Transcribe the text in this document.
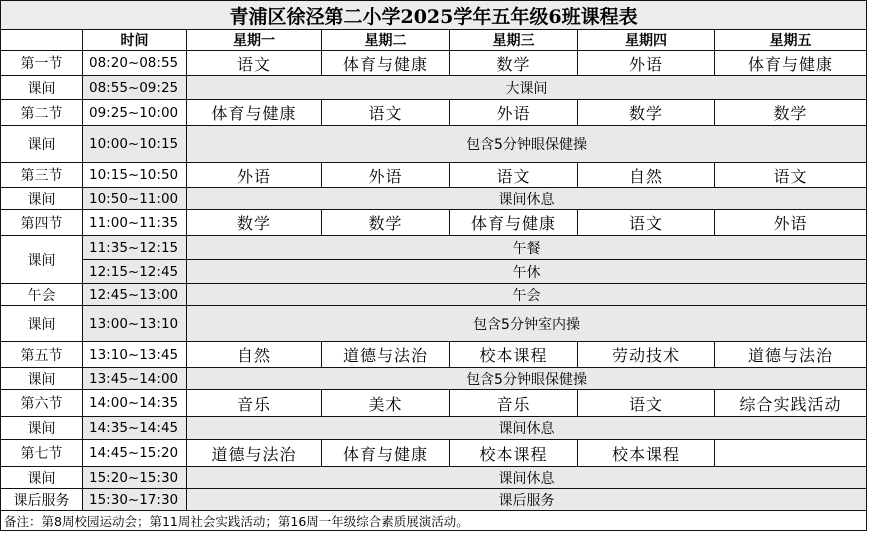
青浦区徐泾第二小学2025学年五年级6班课程表						
	时间	星期一	星期二	星期三	星期四	星期五
第一节	08:20~08:55	语文	体育与健康	数学	外语	体育与健康
课间	08:55~09:25	大课间				
第二节	09:25~10:00	体育与健康	语文	外语	数学	数学
课间	10:00~10:15	包含5分钟眼保健操				
第三节	10:15~10:50	外语	外语	语文	自然	语文
课间	10:50~11:00	课间休息				
第四节	11:00~11:35	数学	数学	体育与健康	语文	外语
课间	11:35~12:15	午餐				
	12:15~12:45	午休				
午会	12:45~13:00	午会				
课间	13:00~13:10	包含5分钟室内操				
第五节	13:10~13:45	自然	道德与法治	校本课程	劳动技术	道德与法治
课间	13:45~14:00	包含5分钟眼保健操				
第六节	14:00~14:35	音乐	美术	音乐	语文	综合实践活动
课间	14:35~14:45	课间休息				
第七节	14:45~15:20	道德与法治	体育与健康	校本课程	校本课程	
课间	15:20~15:30	课间休息				
课后服务	15:30~17:30	课后服务				
备注：第8周校园运动会；第11周社会实践活动；第16周一年级综合素质展演活动。						
